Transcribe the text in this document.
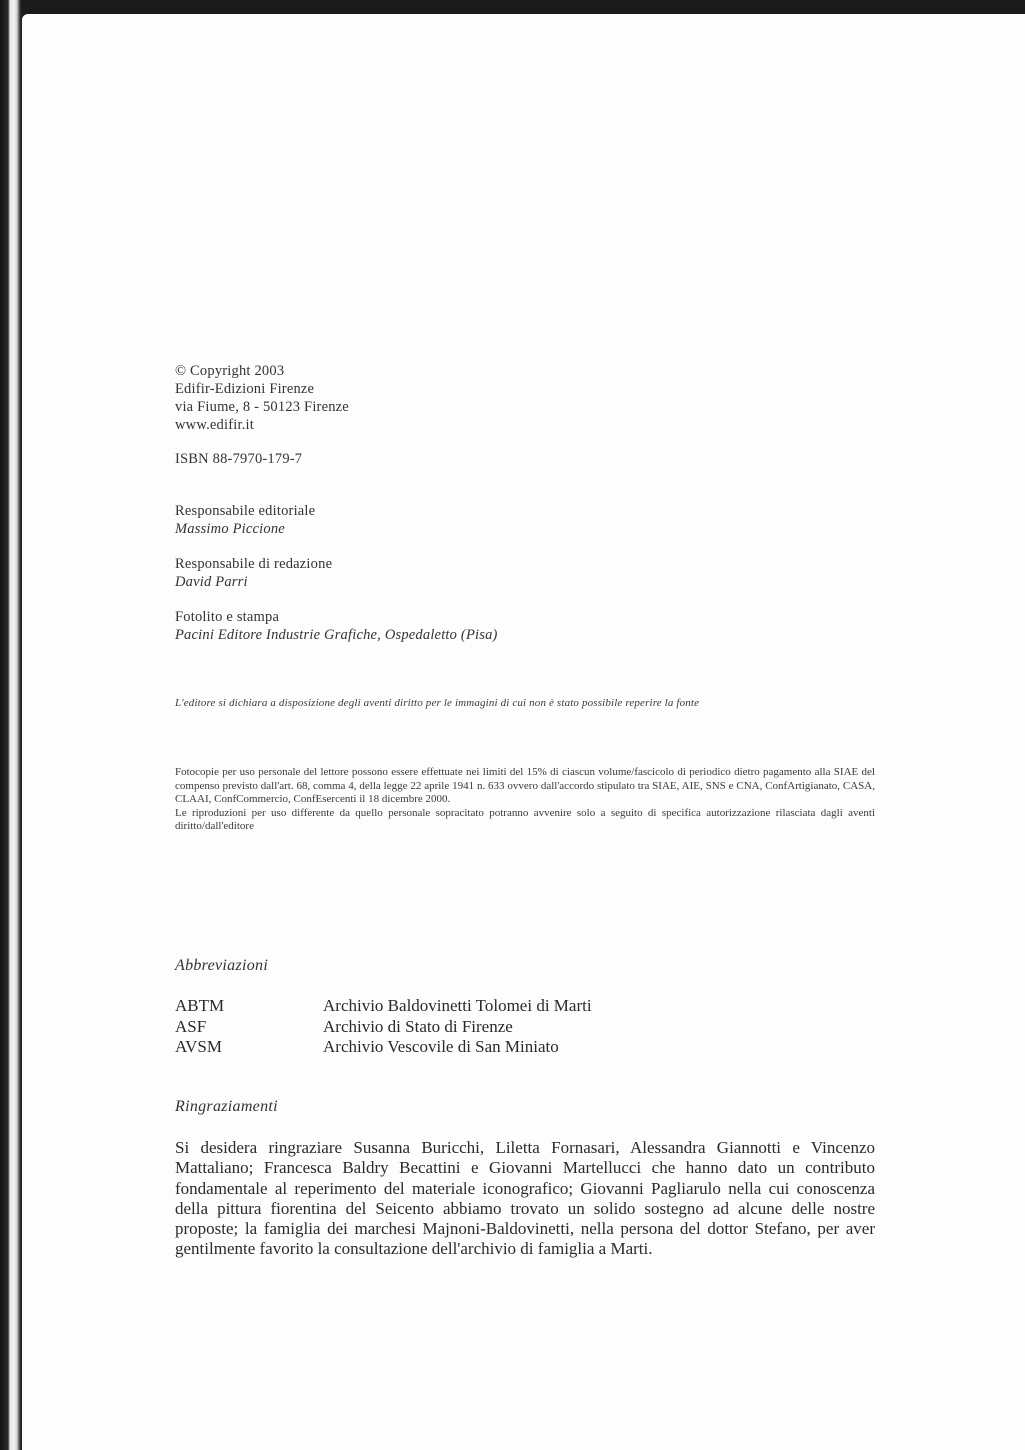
© Copyright 2003
Edifir-Edizioni Firenze
via Fiume, 8 - 50123 Firenze
www.edifir.it
ISBN 88-7970-179-7
Responsabile editoriale
Massimo Piccione
Responsabile di redazione
David Parri
Fotolito e stampa
Pacini Editore Industrie Grafiche, Ospedaletto (Pisa)
L'editore si dichiara a disposizione degli aventi diritto per le immagini di cui non è stato possibile reperire la fonte
Fotocopie per uso personale del lettore possono essere effettuate nei limiti del 15% di ciascun volume/fascicolo di periodico dietro pagamento alla SIAE del compenso previsto dall'art. 68, comma 4, della legge 22 aprile 1941 n. 633 ovvero dall'accordo stipulato tra SIAE, AIE, SNS e CNA, ConfArtigianato, CASA, CLAAI, ConfCommercio, ConfEsercenti il 18 dicembre 2000.
Le riproduzioni per uso differente da quello personale sopracitato potranno avvenire solo a seguito di specifica autorizzazione rilasciata dagli aventi diritto/dall'editore
Abbreviazioni
ABTM	Archivio Baldovinetti Tolomei di Marti
ASF	Archivio di Stato di Firenze
AVSM	Archivio Vescovile di San Miniato
Ringraziamenti

Si desidera ringraziare Susanna Buricchi, Liletta Fornasari, Alessandra Giannotti e Vincenzo Mattaliano; Francesca Baldry Becattini e Giovanni Martellucci che hanno dato un contributo fondamentale al reperimento del materiale iconografico; Giovanni Pagliarulo nella cui conoscenza della pittura fiorentina del Seicento abbiamo trovato un solido sostegno ad alcune delle nostre proposte; la famiglia dei marchesi Majnoni-Baldovinetti, nella persona del dottor Stefano, per aver gentilmente favorito la consultazione dell'archivio di famiglia a Marti.
